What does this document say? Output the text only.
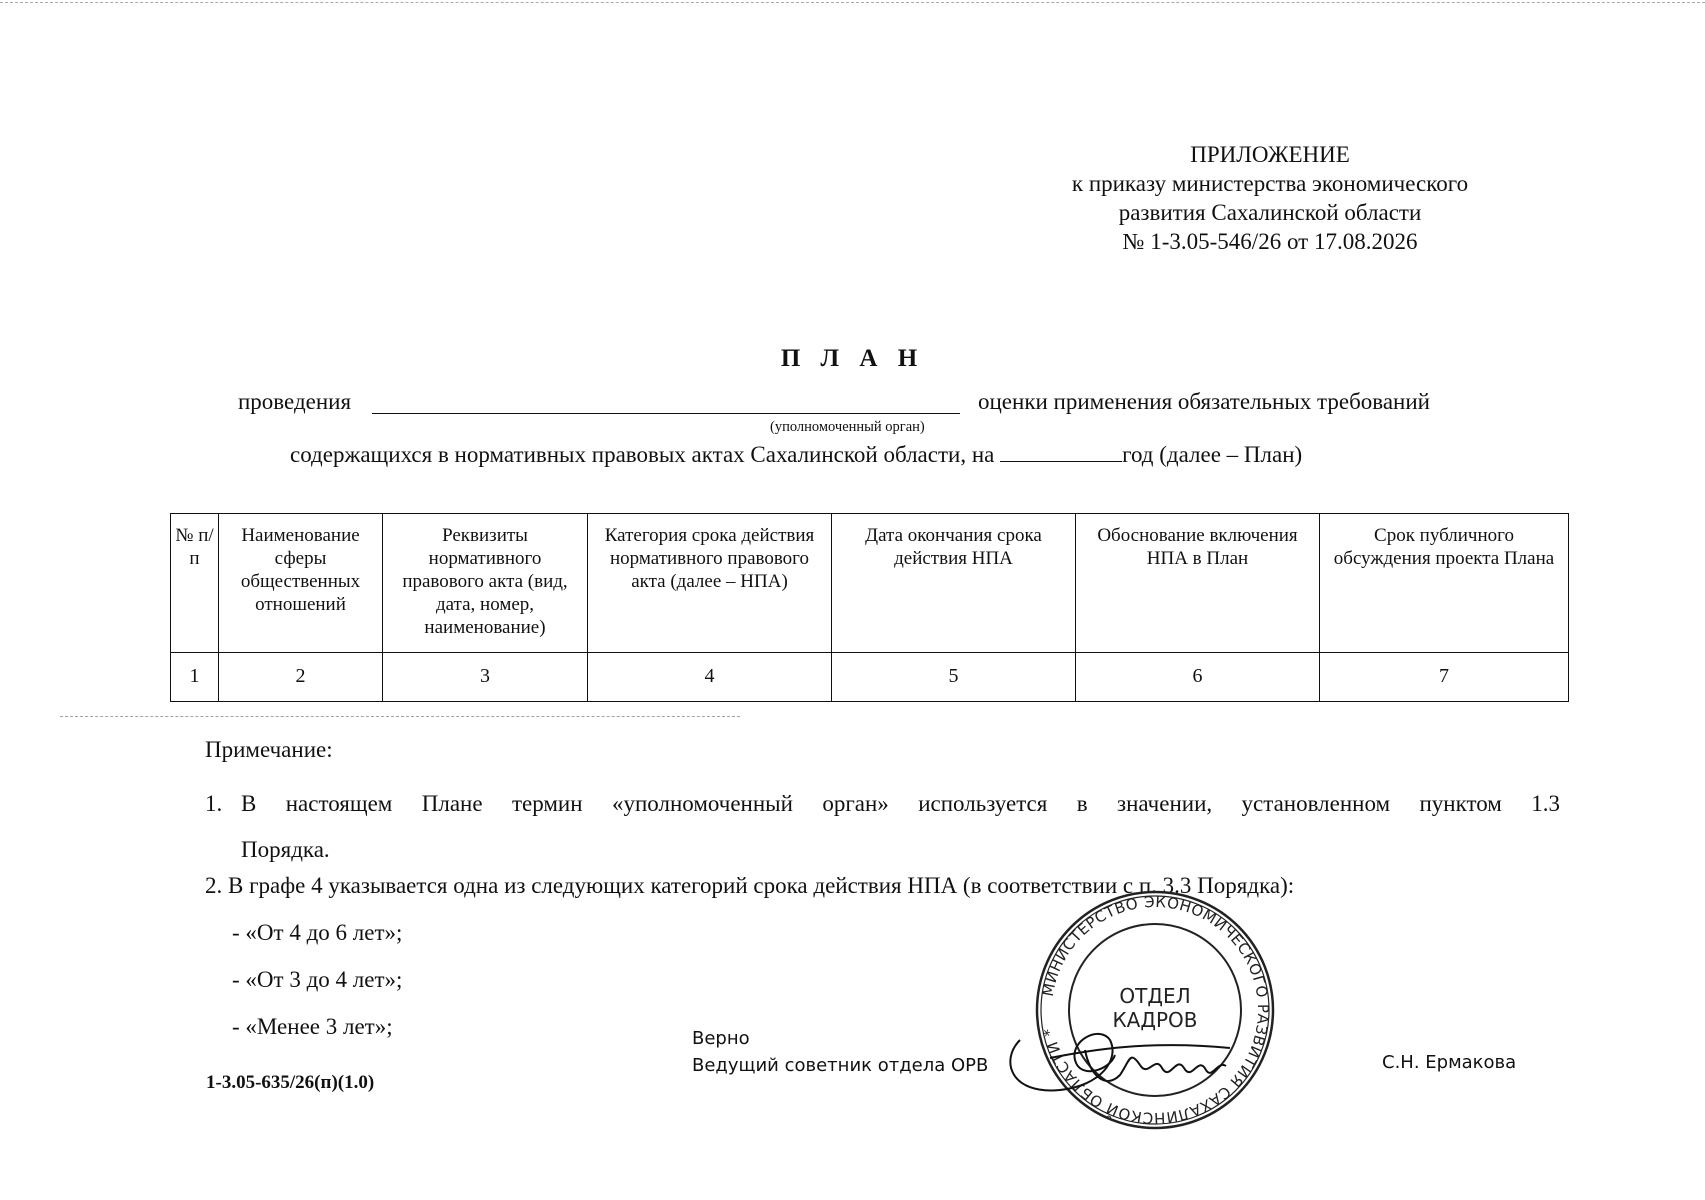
ПРИЛОЖЕНИЕ
к приказу министерства экономического
развития Сахалинской области
№ 1-3.05-546/26 от 17.08.2026
П Л А Н
проведения	оценки применения обязательных требований
(уполномоченный орган)
содержащихся в нормативных правовых актах Сахалинской области, на	год (далее – План)
№ п/п	Наименование сферы общественных отношений	Реквизиты нормативного правового акта (вид, дата, номер, наименование)	Категория срока действия нормативного правового акта (далее – НПА)	Дата окончания срока действия НПА	Обоснование включения НПА в План	Срок публичного обсуждения проекта Плана
1	2	3	4	5	6	7
Примечание:
1. В настоящем Плане термин «уполномоченный орган» используется в значении, установленном пунктом 1.3
Порядка.
2. В графе 4 указывается одна из следующих категорий срока действия НПА (в соответствии с п. 3.3 Порядка):
- «От 4 до 6 лет»;
- «От 3 до 4 лет»;
- «Менее 3 лет»;
1-3.05-635/26(п)(1.0)
Верно
Ведущий советник отдела ОРВ	С.Н. Ермакова
МИНИСТЕРСТВО ЭКОНОМИЧЕСКОГО РАЗВИТИЯ САХАЛИНСКОЙ ОБЛАСТИ *
ОТДЕЛ
КАДРОВ
